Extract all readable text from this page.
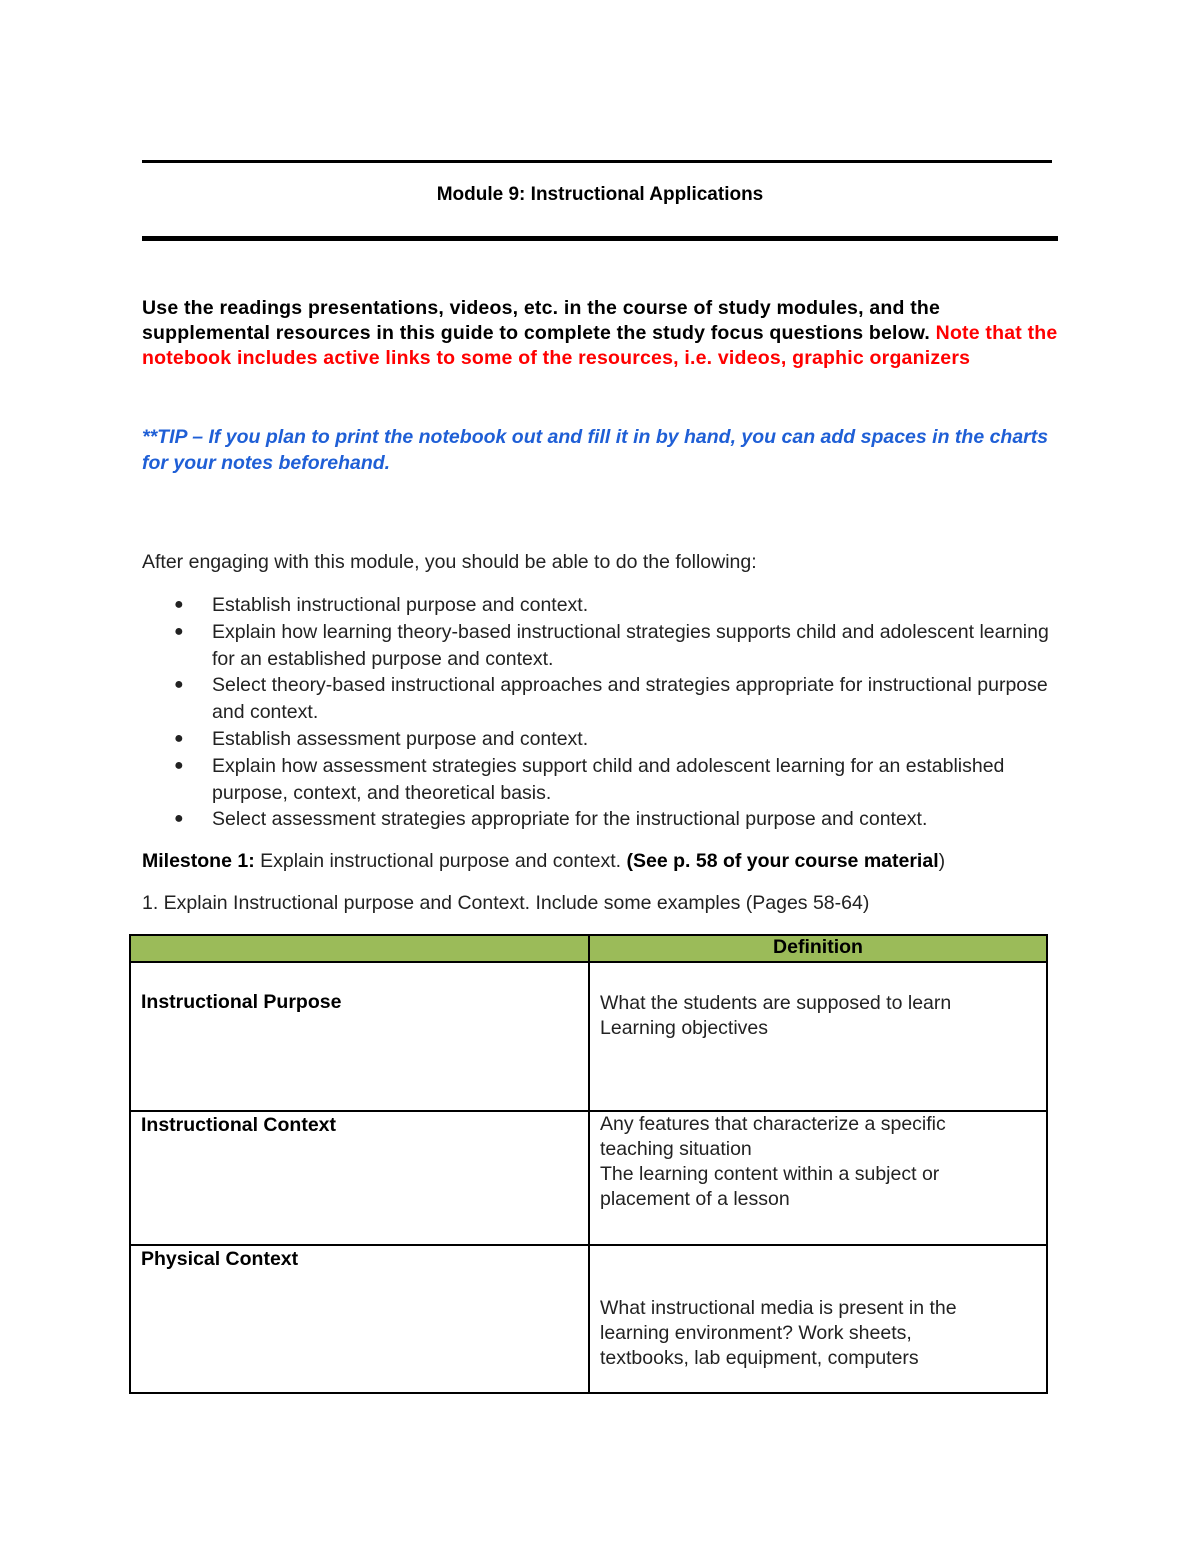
Module 9: Instructional Applications
Use the readings presentations, videos, etc. in the course of study modules, and the supplemental resources in this guide to complete the study focus questions below. Note that the notebook includes active links to some of the resources, i.e. videos, graphic organizers
**TIP – If you plan to print the notebook out and fill it in by hand, you can add spaces in the charts for your notes beforehand.
After engaging with this module, you should be able to do the following:
● Establish instructional purpose and context.
● Explain how learning theory-based instructional strategies supports child and adolescent learning for an established purpose and context.
● Select theory-based instructional approaches and strategies appropriate for instructional purpose and context.
● Establish assessment purpose and context.
● Explain how assessment strategies support child and adolescent learning for an established purpose, context, and theoretical basis.
● Select assessment strategies appropriate for the instructional purpose and context.
Milestone 1: Explain instructional purpose and context. (See p. 58 of your course material)
1. Explain Instructional purpose and Context. Include some examples (Pages 58-64)
	Definition

Instructional Purpose	What the students are supposed to learn
Learning objectives

Instructional Context	Any features that characterize a specific
teaching situation
The learning content within a subject or
placement of a lesson

Physical Context	What instructional media is present in the
learning environment? Work sheets,
textbooks, lab equipment, computers
